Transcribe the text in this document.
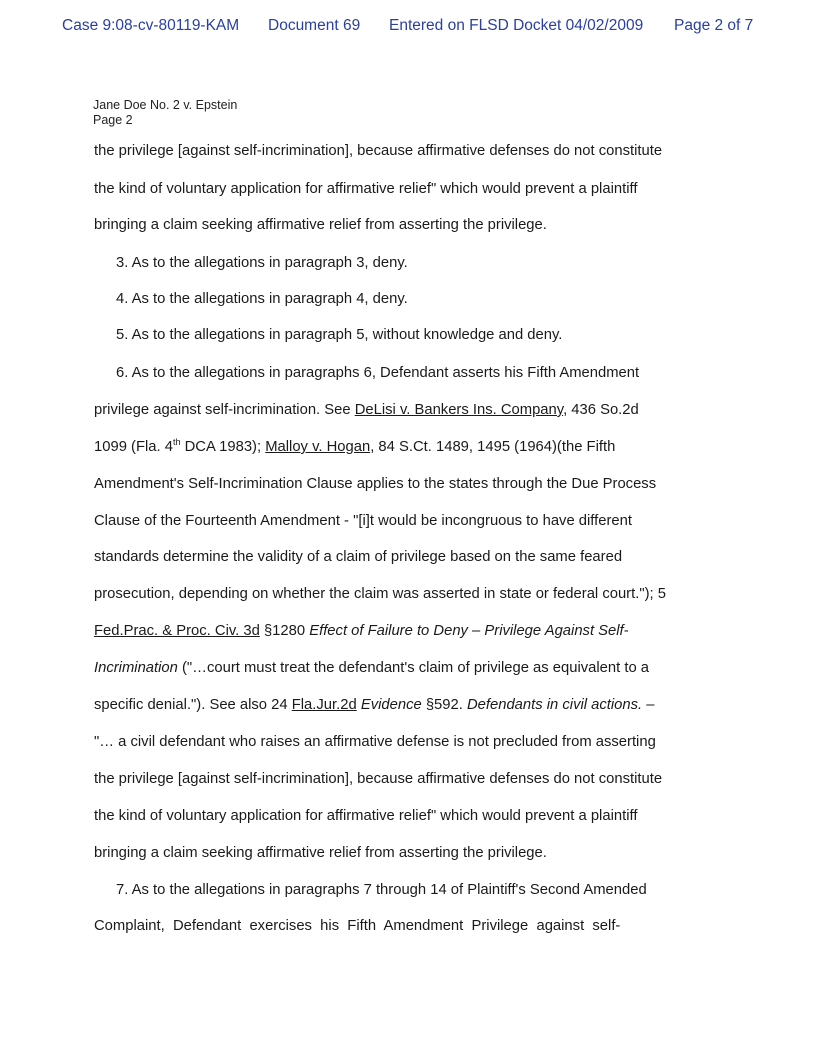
Case 9:08-cv-80119-KAM Document 69 Entered on FLSD Docket 04/02/2009 Page 2 of 7
Jane Doe No. 2 v. Epstein
Page 2
the privilege [against self-incrimination], because affirmative defenses do not constitute
the kind of voluntary application for affirmative relief" which would prevent a plaintiff
bringing a claim seeking affirmative relief from asserting the privilege.
3. As to the allegations in paragraph 3, deny.
4. As to the allegations in paragraph 4, deny.
5. As to the allegations in paragraph 5, without knowledge and deny.
6. As to the allegations in paragraphs 6, Defendant asserts his Fifth Amendment
privilege against self-incrimination. See DeLisi v. Bankers Ins. Company, 436 So.2d
1099 (Fla. 4th DCA 1983); Malloy v. Hogan, 84 S.Ct. 1489, 1495 (1964)(the Fifth
Amendment's Self-Incrimination Clause applies to the states through the Due Process
Clause of the Fourteenth Amendment - "[i]t would be incongruous to have different
standards determine the validity of a claim of privilege based on the same feared
prosecution, depending on whether the claim was asserted in state or federal court."); 5
Fed.Prac. & Proc. Civ. 3d §1280 Effect of Failure to Deny – Privilege Against Self-
Incrimination ("…court must treat the defendant's claim of privilege as equivalent to a
specific denial."). See also 24 Fla.Jur.2d Evidence §592. Defendants in civil actions. –
"… a civil defendant who raises an affirmative defense is not precluded from asserting
the privilege [against self-incrimination], because affirmative defenses do not constitute
the kind of voluntary application for affirmative relief" which would prevent a plaintiff
bringing a claim seeking affirmative relief from asserting the privilege.
7. As to the allegations in paragraphs 7 through 14 of Plaintiff's Second Amended
Complaint,  Defendant  exercises  his  Fifth  Amendment  Privilege  against  self-
